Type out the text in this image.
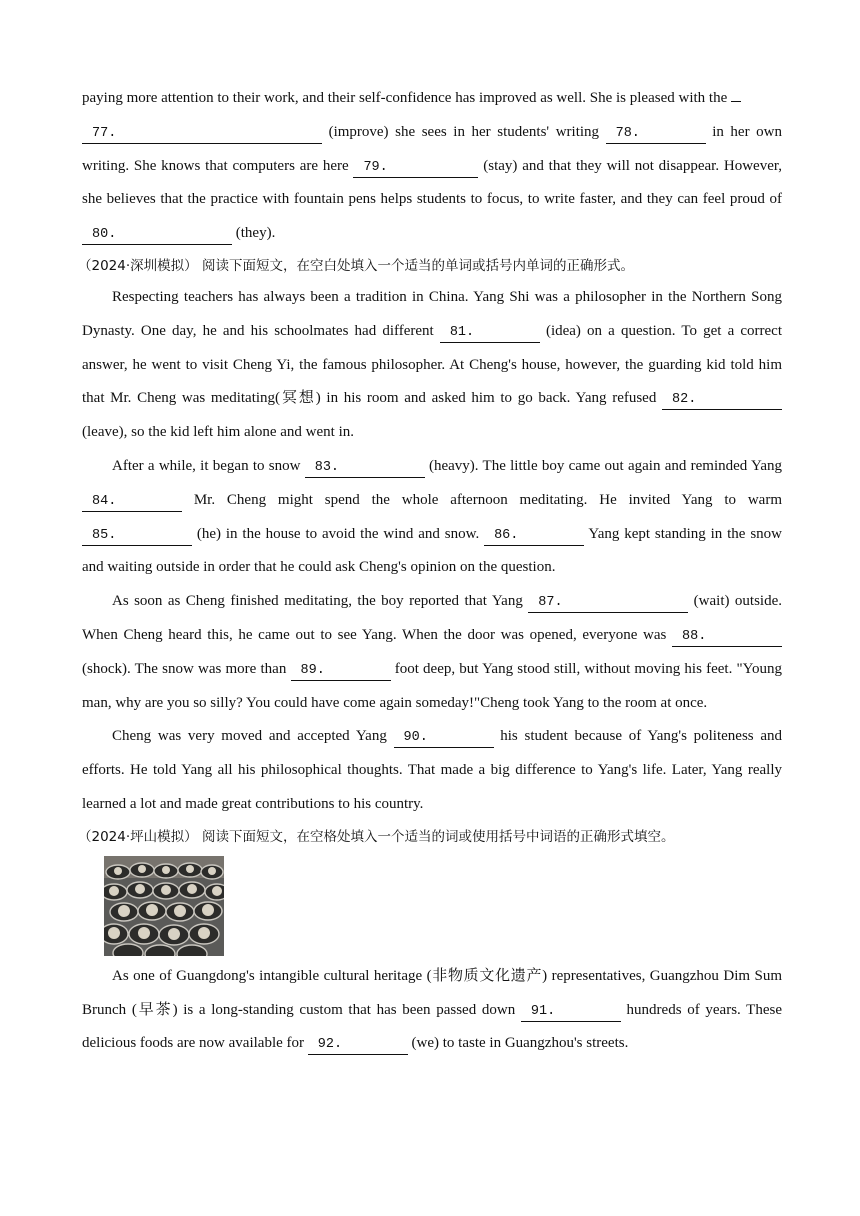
paying more attention to their work, and their self-confidence has improved as well. She is pleased with the
77.	(improve) she sees in her students' writing 78.	in her own writing. She knows that computers are here 79.	(stay) and that they will not disappear. However, she believes that the practice with fountain pens helps students to focus, to write faster, and they can feel proud of 80.	(they).

（2024·深圳模拟） 阅读下面短文，在空白处填入一个适当的单词或括号内单词的正确形式。

Respecting teachers has always been a tradition in China. Yang Shi was a philosopher in the Northern Song Dynasty. One day, he and his schoolmates had different 81.	(idea) on a question. To get a correct answer, he went to visit Cheng Yi, the famous philosopher. At Cheng's house, however, the guarding kid told him that Mr. Cheng was meditating(冥想) in his room and asked him to go back. Yang refused 82. (leave), so the kid left him alone and went in.

After a while, it began to snow 83.	(heavy). The little boy came out again and reminded Yang 84.	Mr. Cheng might spend the whole afternoon meditating. He invited Yang to warm 85.	(he) in the house to avoid the wind and snow. 86.	Yang kept standing in the snow and waiting outside in order that he could ask Cheng's opinion on the question.

As soon as Cheng finished meditating, the boy reported that Yang 87.	(wait) outside. When Cheng heard this, he came out to see Yang. When the door was opened, everyone was 88. (shock). The snow was more than 89.	foot deep, but Yang stood still, without moving his feet. "Young man, why are you so silly? You could have come again someday!"Cheng took Yang to the room at once.

Cheng was very moved and accepted Yang 90.	his student because of Yang's politeness and efforts. He told Yang all his philosophical thoughts. That made a big difference to Yang's life. Later, Yang really learned a lot and made great contributions to his country.

（2024·坪山模拟） 阅读下面短文，在空格处填入一个适当的词或使用括号中词语的正确形式填空。

As one of Guangdong's intangible cultural heritage (非物质文化遗产) representatives, Guangzhou Dim Sum Brunch (早茶) is a long-standing custom that has been passed down 91.	hundreds of years. These delicious foods are now available for 92.	(we) to taste in Guangzhou's streets.
